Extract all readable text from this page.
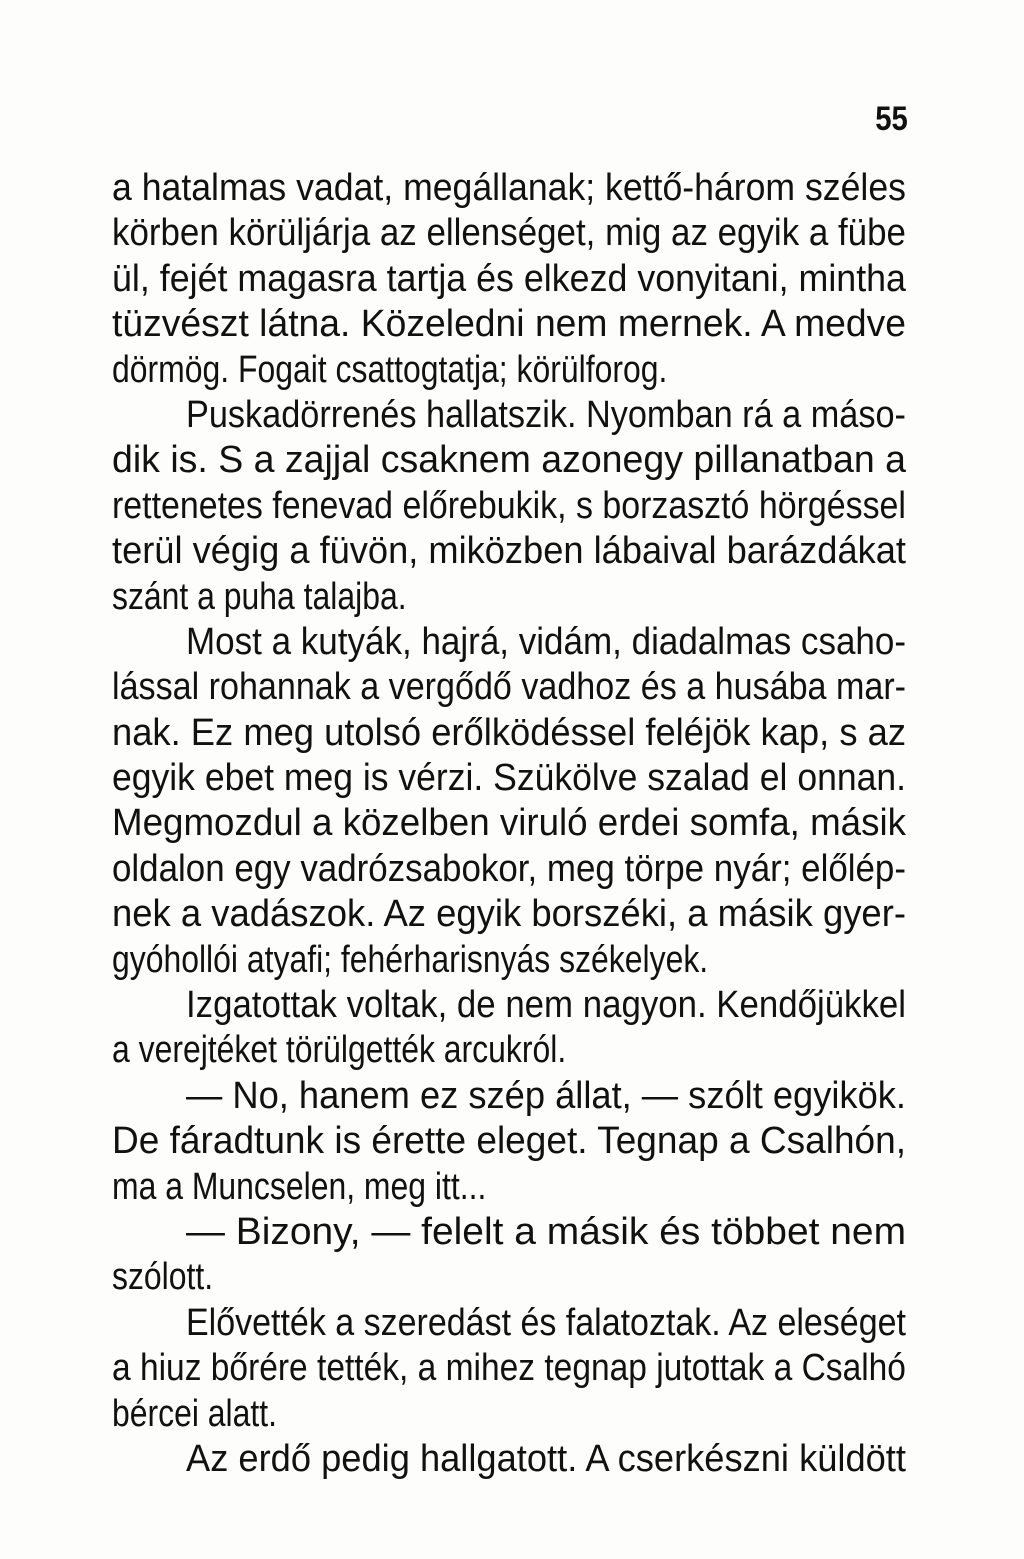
55
a hatalmas vadat, megállanak; kettő-három széles
körben körüljárja az ellenséget, mig az egyik a fübe
ül, fejét magasra tartja és elkezd vonyitani, mintha
tüzvészt látna. Közeledni nem mernek. A medve
dörmög. Fogait csattogtatja; körülforog.
Puskadörrenés hallatszik. Nyomban rá a máso-
dik is. S a zajjal csaknem azonegy pillanatban a
rettenetes fenevad előrebukik, s borzasztó hörgéssel
terül végig a füvön, miközben lábaival barázdákat
szánt a puha talajba.
Most a kutyák, hajrá, vidám, diadalmas csaho-
lással rohannak a vergődő vadhoz és a husába mar-
nak. Ez meg utolsó erőlködéssel feléjök kap, s az
egyik ebet meg is vérzi. Szükölve szalad el onnan.
Megmozdul a közelben viruló erdei somfa, másik
oldalon egy vadrózsabokor, meg törpe nyár; előlép-
nek a vadászok. Az egyik borszéki, a másik gyer-
gyóhollói atyafi; fehérharisnyás székelyek.
Izgatottak voltak, de nem nagyon. Kendőjükkel
a verejtéket törülgették arcukról.
— No, hanem ez szép állat, — szólt egyikök.
De fáradtunk is érette eleget. Tegnap a Csalhón,
ma a Muncselen, meg itt...
— Bizony, — felelt a másik és többet nem
szólott.
Elővették a szeredást és falatoztak. Az eleséget
a hiuz bőrére tették, a mihez tegnap jutottak a Csalhó
bércei alatt.
Az erdő pedig hallgatott. A cserkészni küldött
